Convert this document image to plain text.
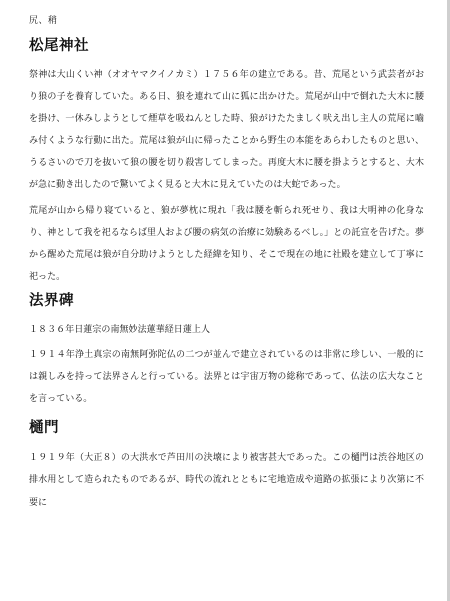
尻、稍
松尾神社

祭神は大山くい神（オオヤマクイノカミ）１７５６年の建立である。昔、荒尾という武芸者がおり狼の子を養育していた。ある日、狼を連れて山に狐に出かけた。荒尾が山中で倒れた大木に腰を掛け、一休みしようとして煙草を吸ねんとした時、狼がけたたましく吠え出し主人の荒尾に嚙み付くような行動に出た。荒尾は狼が山に帰ったことから野生の本能をあらわしたものと思い、うるさいので刀を抜いて狼の腰を切り殺害してしまった。再度大木に腰を掛ようとすると、大木が急に動き出したので驚いてよく見ると大木に見えていたのは大蛇であった。

荒尾が山から帰り寝ていると、狼が夢枕に現れ「我は腰を斬られ死せり、我は大明神の化身なり、神として我を祀るならば里人および腰の病気の治療に効験あるべし。」との託宣を告げた。夢から醒めた荒尾は狼が自分助けようとした経緯を知り、そこで現在の地に社殿を建立して丁寧に祀った。

法界碑

１８３６年日蓮宗の南無妙法蓮華経日蓮上人

１９１４年浄土真宗の南無阿弥陀仏の二つが並んで建立されているのは非常に珍しい、一般的には親しみを持って法界さんと行っている。法界とは宇宙万物の総称であって、仏法の広大なことを言っている。

樋門

１９１９年（大正８）の大洪水で芦田川の決壊により被害甚大であった。この樋門は渋谷地区の排水用として造られたものであるが、時代の流れとともに宅地造成や道路の拡張により次第に不要に
